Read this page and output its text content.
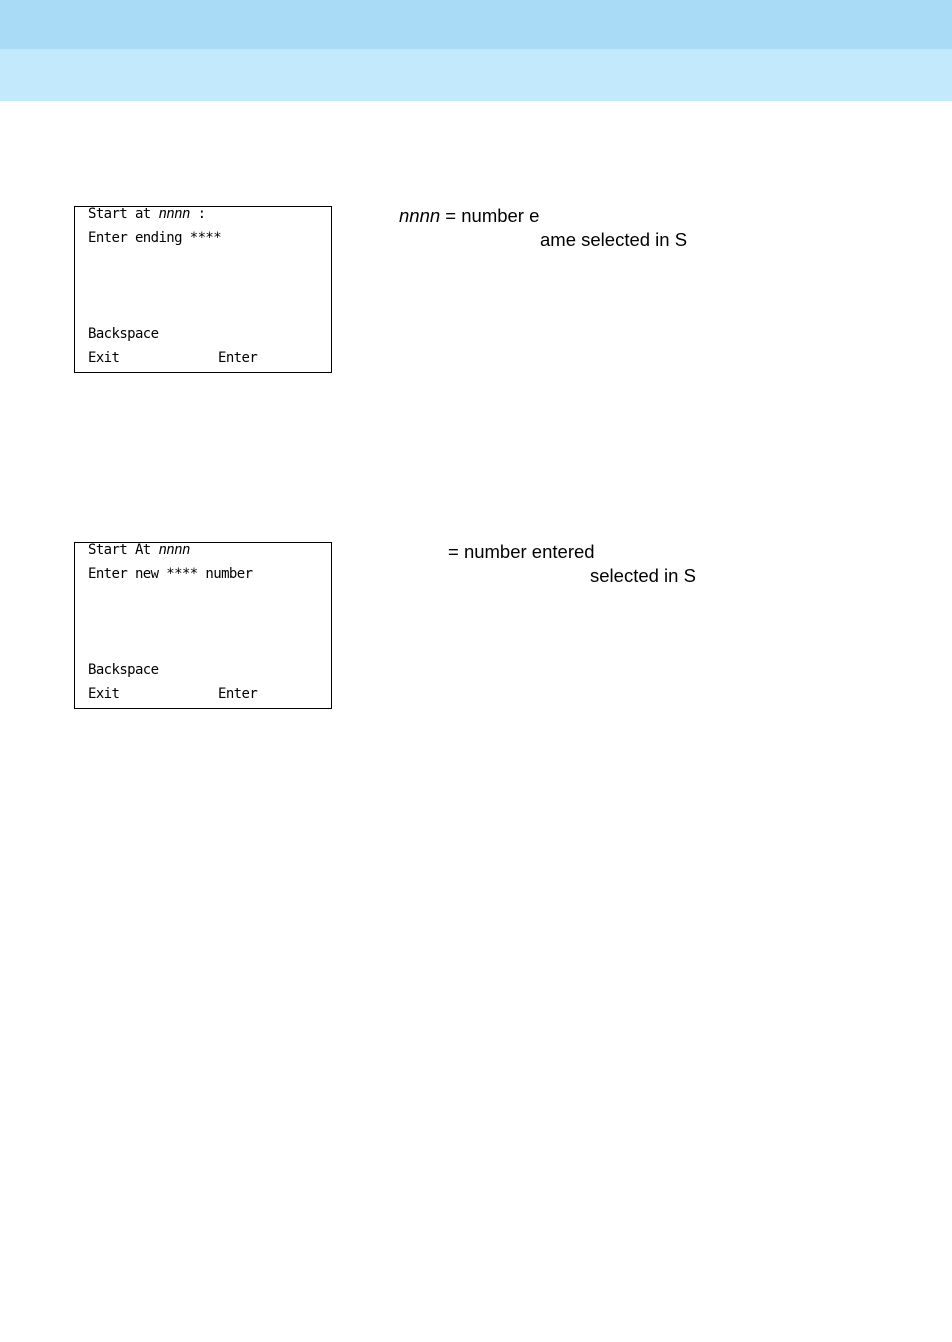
Start at nnnn :
Enter ending ****
Backspace
Exit	Enter
nnnn = number e
ame selected in S
Start At nnnn
Enter new **** number
Backspace
Exit	Enter
= number entered
selected in S
